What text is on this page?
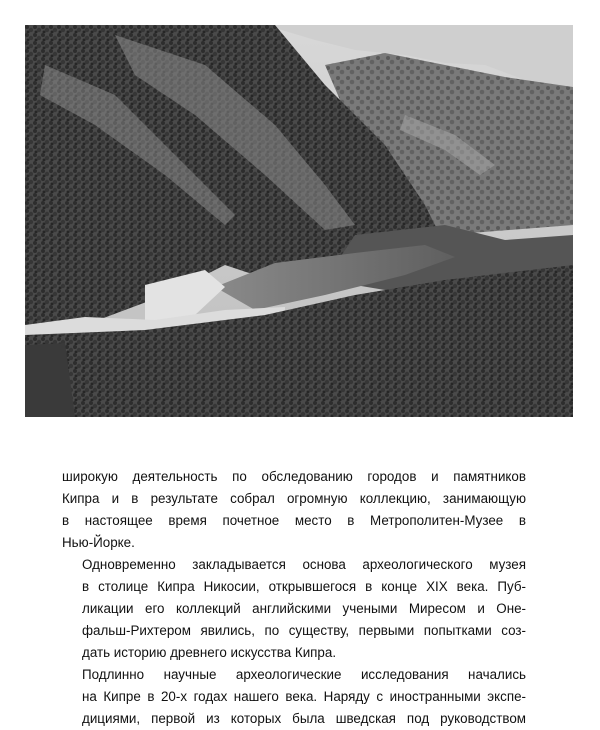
широкую деятельность по обследованию городов и памятников
Кипра и в результате собрал огромную коллекцию, занимающую
в настоящее время почетное место в Метрополитен-Музее в
Нью-Йорке.

Одновременно закладывается основа археологического музея
в столице Кипра Никосии, открывшегося в конце XIX века. Пуб-
ликации его коллекций английскими учеными Миресом и Онe-
фальш-Рихтером явились, по существу, первыми попытками соз-
дать историю древнего искусства Кипра.

Подлинно научные археологические исследования начались
на Кипре в 20-х годах нашего века. Наряду с иностранными экспе-
дициями, первой из которых была шведская под руководством
